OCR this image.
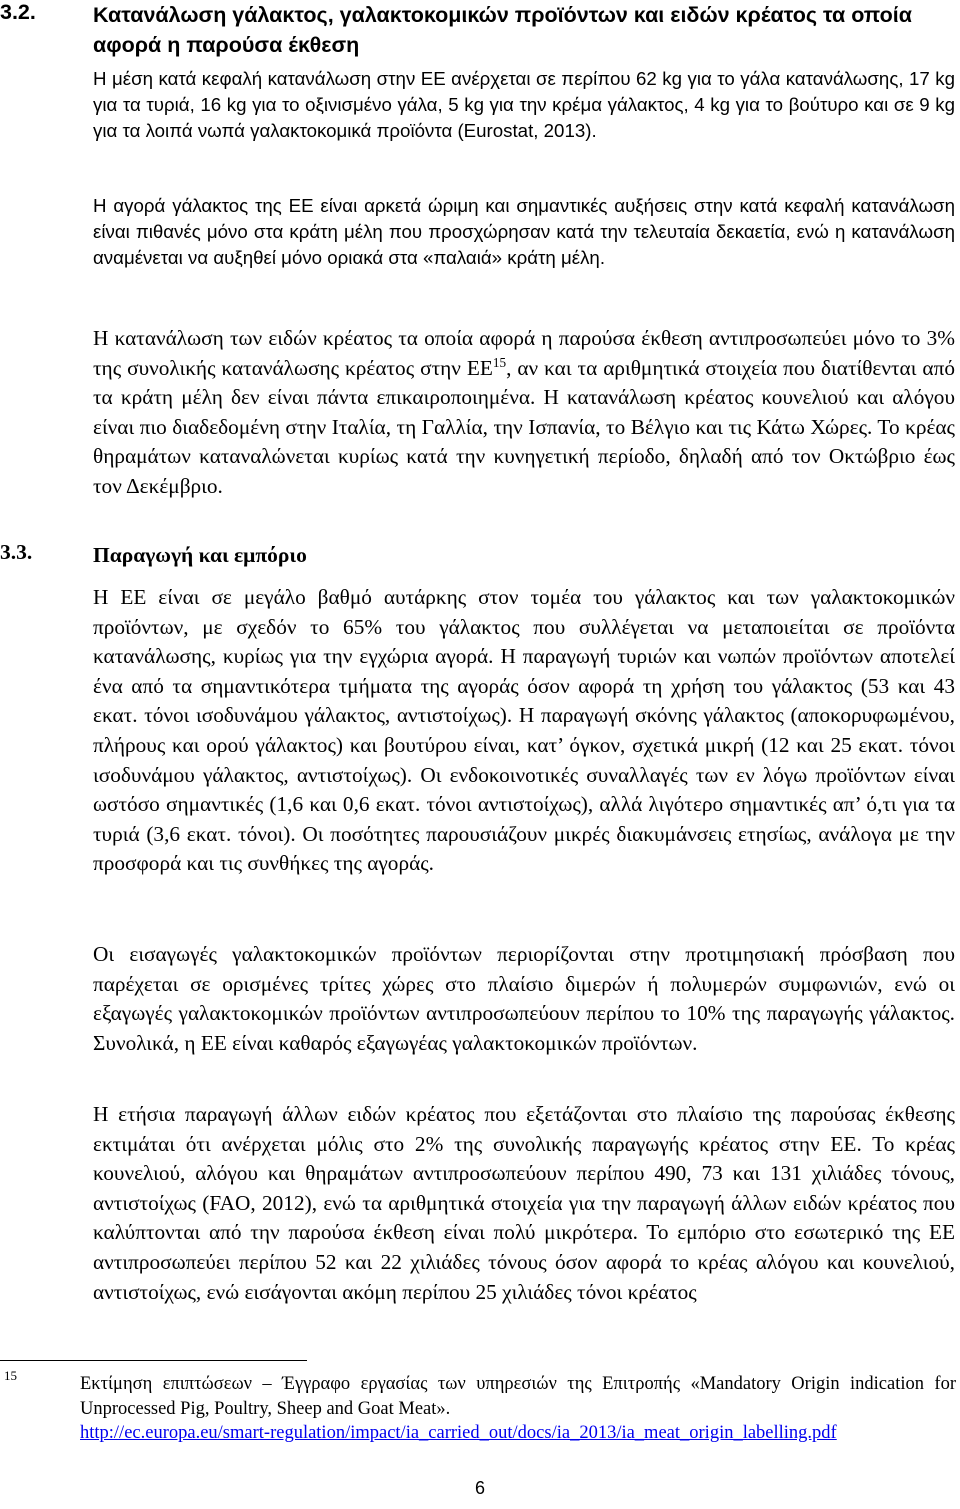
3.2.	Κατανάλωση γάλακτος, γαλακτοκομικών προϊόντων και ειδών κρέατος τα οποία αφορά η παρούσα έκθεση

Η μέση κατά κεφαλή κατανάλωση στην ΕΕ ανέρχεται σε περίπου 62 kg για το γάλα κατανάλωσης, 17 kg για τα τυριά, 16 kg για το οξινισμένο γάλα, 5 kg για την κρέμα γάλακτος, 4 kg για το βούτυρο και σε 9 kg για τα λοιπά νωπά γαλακτοκομικά προϊόντα (Eurostat, 2013).

Η αγορά γάλακτος της ΕΕ είναι αρκετά ώριμη και σημαντικές αυξήσεις στην κατά κεφαλή κατανάλωση είναι πιθανές μόνο στα κράτη μέλη που προσχώρησαν κατά την τελευταία δεκαετία, ενώ η κατανάλωση αναμένεται να αυξηθεί μόνο οριακά στα «παλαιά» κράτη μέλη.

Η κατανάλωση των ειδών κρέατος τα οποία αφορά η παρούσα έκθεση αντιπροσωπεύει μόνο το 3% της συνολικής κατανάλωσης κρέατος στην ΕΕ$^{15}$, αν και τα αριθμητικά στοιχεία που διατίθενται από τα κράτη μέλη δεν είναι πάντα επικαιροποιημένα. Η κατανάλωση κρέατος κουνελιού και αλόγου είναι πιο διαδεδομένη στην Ιταλία, τη Γαλλία, την Ισπανία, το Βέλγιο και τις Κάτω Χώρες. Το κρέας θηραμάτων καταναλώνεται κυρίως κατά την κυνηγετική περίοδο, δηλαδή από τον Οκτώβριο έως τον Δεκέμβριο.

3.3.	Παραγωγή και εμπόριο

Η ΕΕ είναι σε μεγάλο βαθμό αυτάρκης στον τομέα του γάλακτος και των γαλακτοκομικών προϊόντων, με σχεδόν το 65% του γάλακτος που συλλέγεται να μεταποιείται σε προϊόντα κατανάλωσης, κυρίως για την εγχώρια αγορά. Η παραγωγή τυριών και νωπών προϊόντων αποτελεί ένα από τα σημαντικότερα τμήματα της αγοράς όσον αφορά τη χρήση του γάλακτος (53 και 43 εκατ. τόνοι ισοδυνάμου γάλακτος, αντιστοίχως). Η παραγωγή σκόνης γάλακτος (αποκορυφωμένου, πλήρους και ορού γάλακτος) και βουτύρου είναι, κατ’ όγκον, σχετικά μικρή (12 και 25 εκατ. τόνοι ισοδυνάμου γάλακτος, αντιστοίχως). Οι ενδοκοινοτικές συναλλαγές των εν λόγω προϊόντων είναι ωστόσο σημαντικές (1,6 και 0,6 εκατ. τόνοι αντιστοίχως), αλλά λιγότερο σημαντικές απ’ ό,τι για τα τυριά (3,6 εκατ. τόνοι). Οι ποσότητες παρουσιάζουν μικρές διακυμάνσεις ετησίως, ανάλογα με την προσφορά και τις συνθήκες της αγοράς.

Οι εισαγωγές γαλακτοκομικών προϊόντων περιορίζονται στην προτιμησιακή πρόσβαση που παρέχεται σε ορισμένες τρίτες χώρες στο πλαίσιο διμερών ή πολυμερών συμφωνιών, ενώ οι εξαγωγές γαλακτοκομικών προϊόντων αντιπροσωπεύουν περίπου το 10% της παραγωγής γάλακτος. Συνολικά, η ΕΕ είναι καθαρός εξαγωγέας γαλακτοκομικών προϊόντων.

Η ετήσια παραγωγή άλλων ειδών κρέατος που εξετάζονται στο πλαίσιο της παρούσας έκθεσης εκτιμάται ότι ανέρχεται μόλις στο 2% της συνολικής παραγωγής κρέατος στην ΕΕ. Το κρέας κουνελιού, αλόγου και θηραμάτων αντιπροσωπεύουν περίπου 490, 73 και 131 χιλιάδες τόνους, αντιστοίχως (FAO, 2012), ενώ τα αριθμητικά στοιχεία για την παραγωγή άλλων ειδών κρέατος που καλύπτονται από την παρούσα έκθεση είναι πολύ μικρότερα. Το εμπόριο στο εσωτερικό της ΕΕ αντιπροσωπεύει περίπου 52 και 22 χιλιάδες τόνους όσον αφορά το κρέας αλόγου και κουνελιού, αντιστοίχως, ενώ εισάγονται ακόμη περίπου 25 χιλιάδες τόνοι κρέατος

15	Εκτίμηση επιπτώσεων – Έγγραφο εργασίας των υπηρεσιών της Επιτροπής «Mandatory Origin indication for Unprocessed Pig, Poultry, Sheep and Goat Meat».
http://ec.europa.eu/smart-regulation/impact/ia_carried_out/docs/ia_2013/ia_meat_origin_labelling.pdf
6
